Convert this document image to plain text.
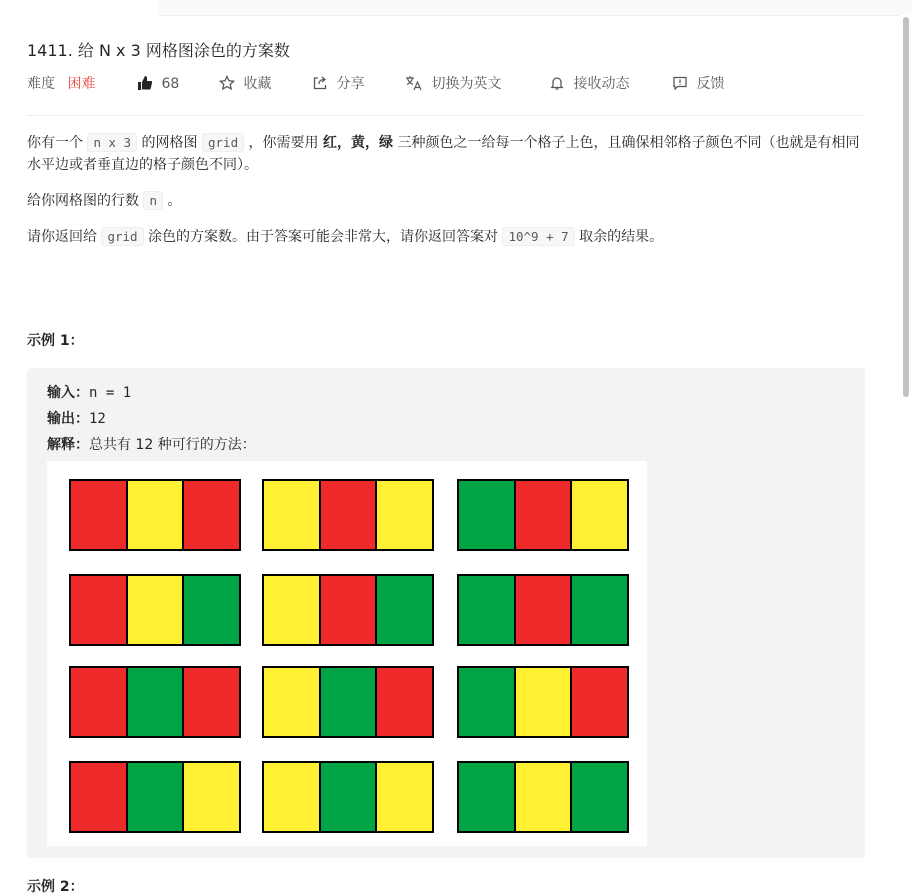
1411. 给 N x 3 网格图涂色的方案数
难度 困难	68	收藏	分享	切换为英文	接收动态	反馈

你有一个 n x 3 的网格图 grid ，你需要用 红，黄，绿 三种颜色之一给每一个格子上色，且确保相邻格子颜色不同（也就是有相同水平边或者垂直边的格子颜色不同）。

给你网格图的行数 n 。

请你返回给 grid 涂色的方案数。由于答案可能会非常大，请你返回答案对 10^9 + 7 取余的结果。

示例 1：
输入：n = 1
输出：12
解释：总共有 12 种可行的方法：
示例 2：
